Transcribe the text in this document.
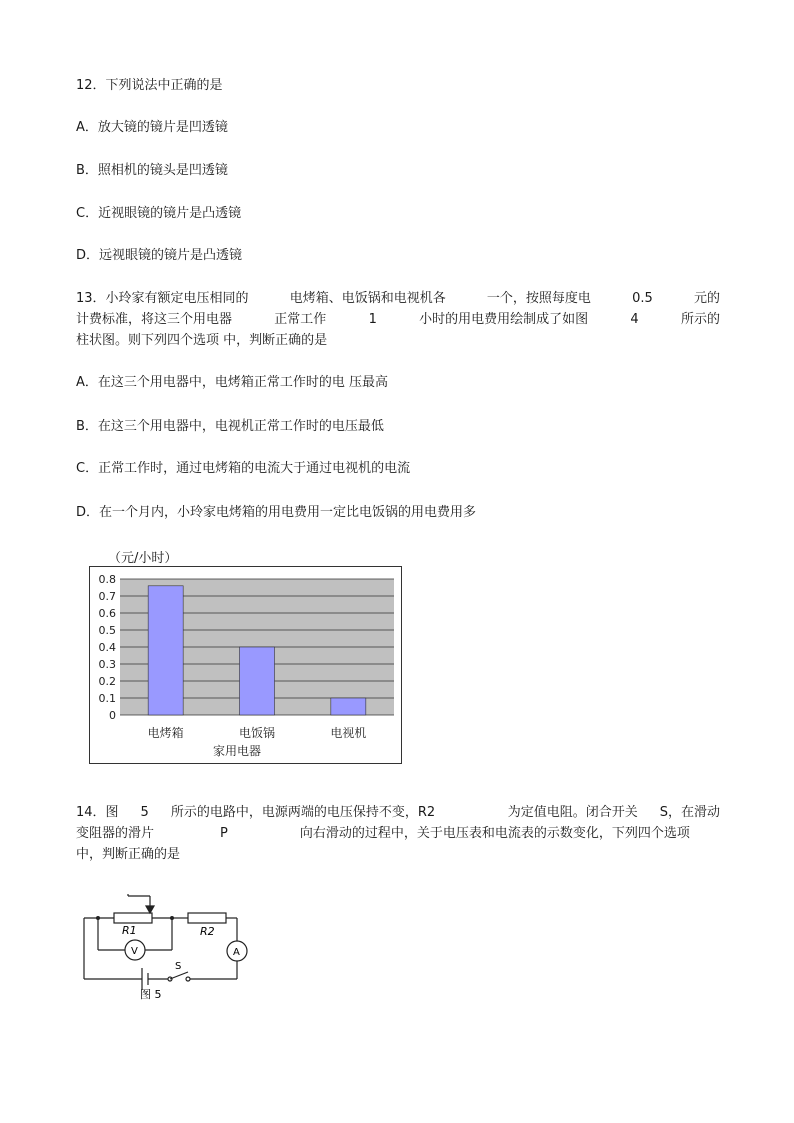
12．下列说法中正确的是
A．放大镜的镜片是凹透镜
B．照相机的镜头是凹透镜
C．近视眼镜的镜片是凸透镜
D．远视眼镜的镜片是凸透镜
13．小玲家有额定电压相同的	电烤箱、电饭锅和电视机各	一个，按照每度电	0.5	元的
计费标准，将这三个用电器	正常工作	1	小时的用电费用绘制成了如图	4	所示的
柱状图。则下列四个选项 中，判断正确的是
A．在这三个用电器中，电烤箱正常工作时的电 压最高
B．在这三个用电器中，电视机正常工作时的电压最低
C．正常工作时，通过电烤箱的电流大于通过电视机的电流
D．在一个月内，小玲家电烤箱的用电费用一定比电饭锅的用电费用多
（元/小时）
0.8
0.7
0.6
0.5
0.4
0.3
0.2
0.1
0
电烤箱	电饭锅	电视机
家用电器
14．图 5 所示的电路中，电源两端的电压保持不变，R2	为定值电阻。闭合开关 S，在滑动
变阻器的滑片	P	向右滑动的过程中，关于电压表和电流表的示数变化，下列四个选项
中，判断正确的是
R1	R2
V	A
S
图 5
